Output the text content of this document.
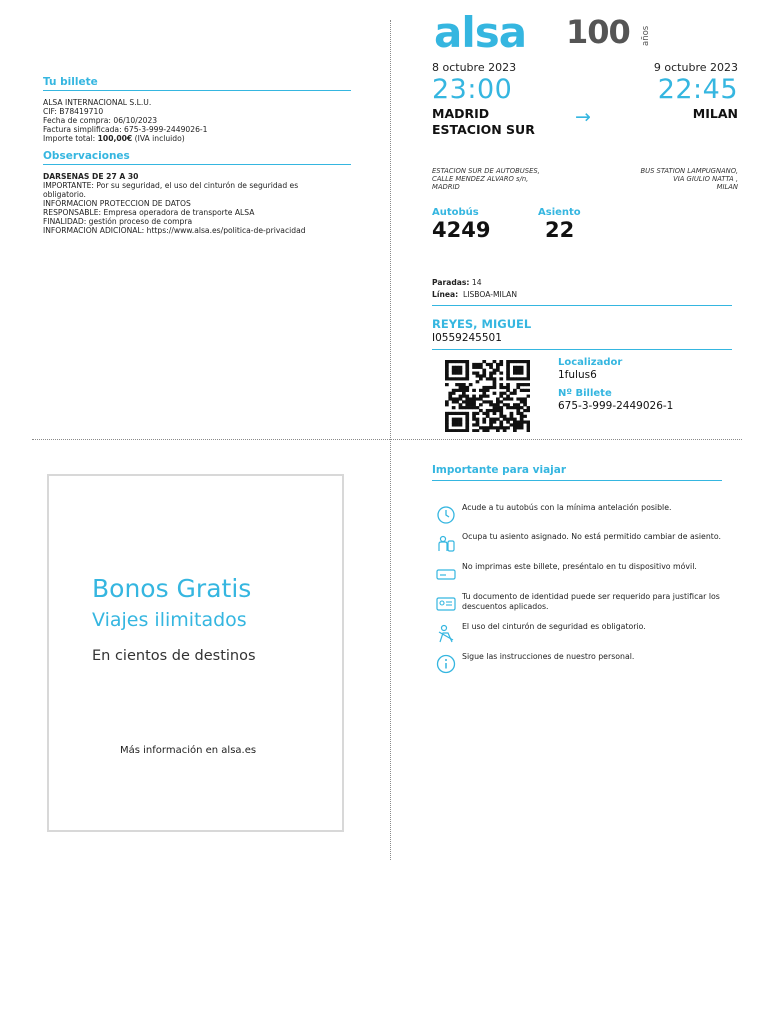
Tu billete
ALSA INTERNACIONAL S.L.U.
CIF: B78419710
Fecha de compra: 06/10/2023
Factura simplificada: 675-3-999-2449026-1
Importe total: 100,00€ (IVA incluido)
Observaciones
DARSENAS DE 27 A 30
IMPORTANTE: Por su seguridad, el uso del cinturón de seguridad es
obligatorio.
INFORMACION PROTECCION DE DATOS
RESPONSABLE: Empresa operadora de transporte ALSA
FINALIDAD: gestión proceso de compra
INFORMACION ADICIONAL: https://www.alsa.es/politica-de-privacidad
alsa 100 años
8 octubre 2023	9 octubre 2023
23:00	22:45
MADRID
ESTACION SUR
→	MILAN
ESTACION SUR DE AUTOBUSES,
CALLE MENDEZ ALVARO s/n,
MADRID
BUS STATION LAMPUGNANO,
VIA GIULIO NATTA ,
MILAN
Autobús
4249
Asiento
22
Paradas: 14
Línea: LISBOA-MILAN
REYES, MIGUEL
I0559245501
Localizador
1fulus6
Nº Billete
675-3-999-2449026-1
Bonos Gratis
Viajes ilimitados
En cientos de destinos
Más información en alsa.es
Importante para viajar
Acude a tu autobús con la mínima antelación posible.
Ocupa tu asiento asignado. No está permitido cambiar de asiento.
No imprimas este billete, preséntalo en tu dispositivo móvil.
Tu documento de identidad puede ser requerido para justificar los descuentos aplicados.
El uso del cinturón de seguridad es obligatorio.
Sigue las instrucciones de nuestro personal.
